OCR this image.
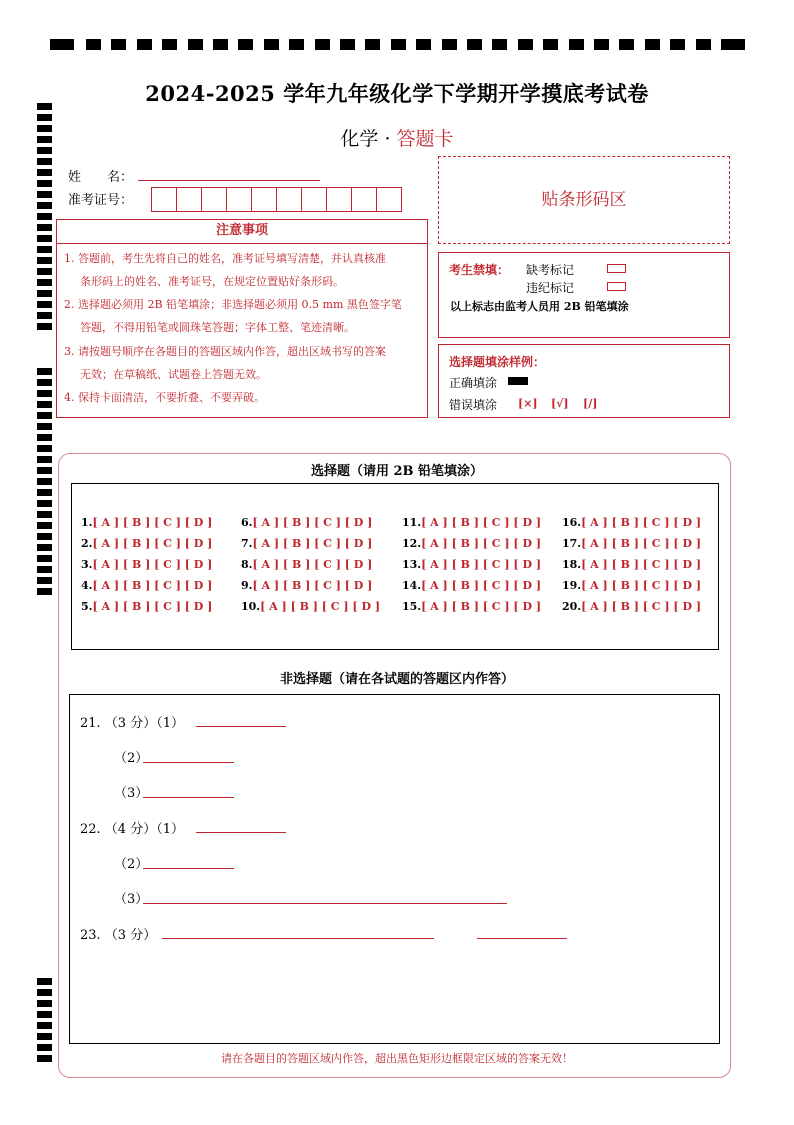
2024-2025 学年九年级化学下学期开学摸底考试卷
化学 · 答题卡
姓　　名：
准考证号：
注意事项
1. 答题前，考生先将自己的姓名，准考证号填写清楚，并认真核准
条形码上的姓名、准考证号，在规定位置贴好条形码。
2. 选择题必须用 2B 铅笔填涂；非选择题必须用 0.5 mm 黑色签字笔
答题，不得用铅笔或圆珠笔答题；字体工整、笔迹清晰。
3. 请按题号顺序在各题目的答题区域内作答，超出区域书写的答案
无效；在草稿纸、试题卷上答题无效。
4. 保持卡面清洁，不要折叠、不要弄破。
贴条形码区
考生禁填： 缺考标记
违纪标记
以上标志由监考人员用 2B 铅笔填涂
选择题填涂样例：
正确填涂
错误填涂 [×] [√] [/]
选择题（请用 2B 铅笔填涂）
1.[ A ] [ B ] [ C ] [ D ]
2.[ A ] [ B ] [ C ] [ D ]
3.[ A ] [ B ] [ C ] [ D ]
4.[ A ] [ B ] [ C ] [ D ]
5.[ A ] [ B ] [ C ] [ D ]
6.[ A ] [ B ] [ C ] [ D ]
7.[ A ] [ B ] [ C ] [ D ]
8.[ A ] [ B ] [ C ] [ D ]
9.[ A ] [ B ] [ C ] [ D ]
10.[ A ] [ B ] [ C ] [ D ]
11.[ A ] [ B ] [ C ] [ D ]
12.[ A ] [ B ] [ C ] [ D ]
13.[ A ] [ B ] [ C ] [ D ]
14.[ A ] [ B ] [ C ] [ D ]
15.[ A ] [ B ] [ C ] [ D ]
16.[ A ] [ B ] [ C ] [ D ]
17.[ A ] [ B ] [ C ] [ D ]
18.[ A ] [ B ] [ C ] [ D ]
19.[ A ] [ B ] [ C ] [ D ]
20.[ A ] [ B ] [ C ] [ D ]
非选择题（请在各试题的答题区内作答）
21. （3 分）（1）
（2）
（3）
22. （4 分）（1）
（2）
（3）
23. （3 分）
请在各题目的答题区域内作答，超出黑色矩形边框限定区域的答案无效！
